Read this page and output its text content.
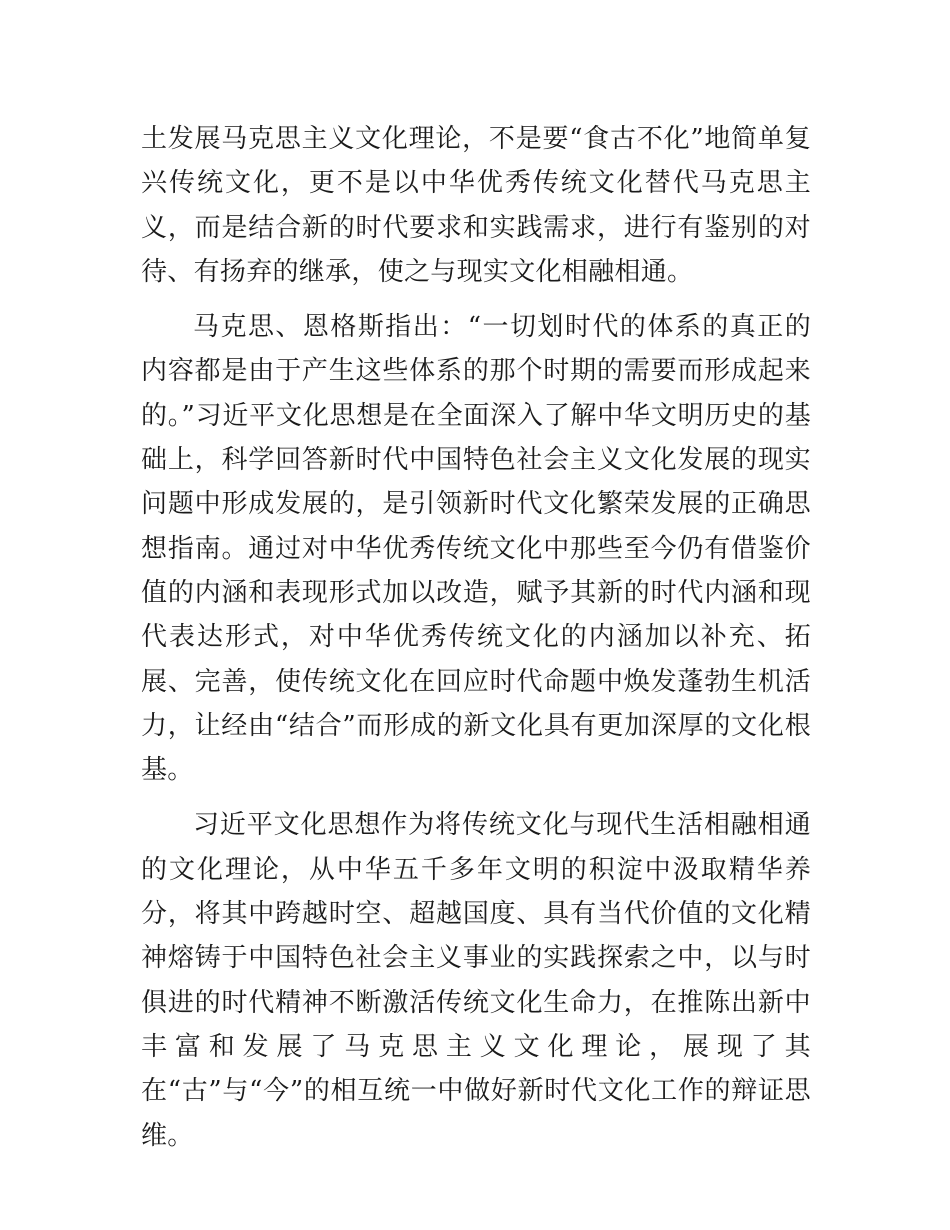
土发展马克思主义文化理论，不是要“食古不化”地简单复兴传统文化，更不是以中华优秀传统文化替代马克思主义，而是结合新的时代要求和实践需求，进行有鉴别的对待、有扬弃的继承，使之与现实文化相融相通。

马克思、恩格斯指出：“一切划时代的体系的真正的内容都是由于产生这些体系的那个时期的需要而形成起来的。”习近平文化思想是在全面深入了解中华文明历史的基础上，科学回答新时代中国特色社会主义文化发展的现实问题中形成发展的，是引领新时代文化繁荣发展的正确思想指南。通过对中华优秀传统文化中那些至今仍有借鉴价值的内涵和表现形式加以改造，赋予其新的时代内涵和现代表达形式，对中华优秀传统文化的内涵加以补充、拓展、完善，使传统文化在回应时代命题中焕发蓬勃生机活力，让经由“结合”而形成的新文化具有更加深厚的文化根基。

习近平文化思想作为将传统文化与现代生活相融相通的文化理论，从中华五千多年文明的积淀中汲取精华养分，将其中跨越时空、超越国度、具有当代价值的文化精神熔铸于中国特色社会主义事业的实践探索之中，以与时俱进的时代精神不断激活传统文化生命力，在推陈出新中丰富和发展了马克思主义文化理论，展现了其在“古”与“今”的相互统一中做好新时代文化工作的辩证思维。
